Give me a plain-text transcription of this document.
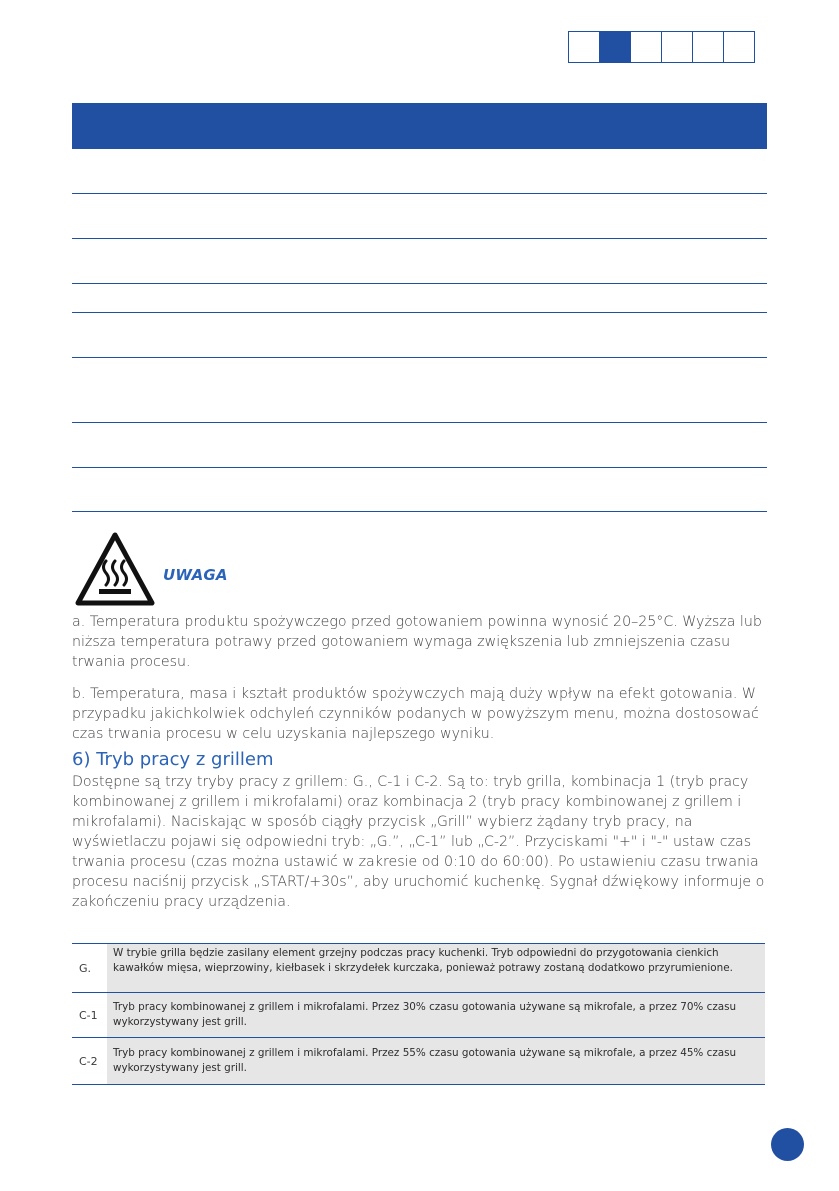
UWAGA

a. Temperatura produktu spożywczego przed gotowaniem powinna wynosić 20–25°C. Wyższa lub niższa temperatura potrawy przed gotowaniem wymaga zwiększenia lub zmniejszenia czasu trwania procesu.

b. Temperatura, masa i kształt produktów spożywczych mają duży wpływ na efekt gotowania. W przypadku jakichkolwiek odchyleń czynników podanych w powyższym menu, można dostosować czas trwania procesu w celu uzyskania najlepszego wyniku.

6) Tryb pracy z grillem

Dostępne są trzy tryby pracy z grillem: G., C-1 i C-2. Są to: tryb grilla, kombinacja 1 (tryb pracy kombinowanej z grillem i mikrofalami) oraz kombinacja 2 (tryb pracy kombinowanej z grillem i mikrofalami). Naciskając w sposób ciągły przycisk „Grill” wybierz żądany tryb pracy, na wyświetlaczu pojawi się odpowiedni tryb: „G.”, „C-1” lub „C-2”. Przyciskami "+" i "-" ustaw czas trwania procesu (czas można ustawić w zakresie od 0:10 do 60:00). Po ustawieniu czasu trwania procesu naciśnij przycisk „START/+30s”, aby uruchomić kuchenkę. Sygnał dźwiękowy informuje o zakończeniu pracy urządzenia.

G.
W trybie grilla będzie zasilany element grzejny podczas pracy kuchenki. Tryb odpowiedni do przygotowania cienkich kawałków mięsa, wieprzowiny, kiełbasek i skrzydełek kurczaka, ponieważ potrawy zostaną dodatkowo przyrumienione.
C-1
Tryb pracy kombinowanej z grillem i mikrofalami. Przez 30% czasu gotowania używane są mikrofale, a przez 70% czasu wykorzystywany jest grill.
C-2
Tryb pracy kombinowanej z grillem i mikrofalami. Przez 55% czasu gotowania używane są mikrofale, a przez 45% czasu wykorzystywany jest grill.
